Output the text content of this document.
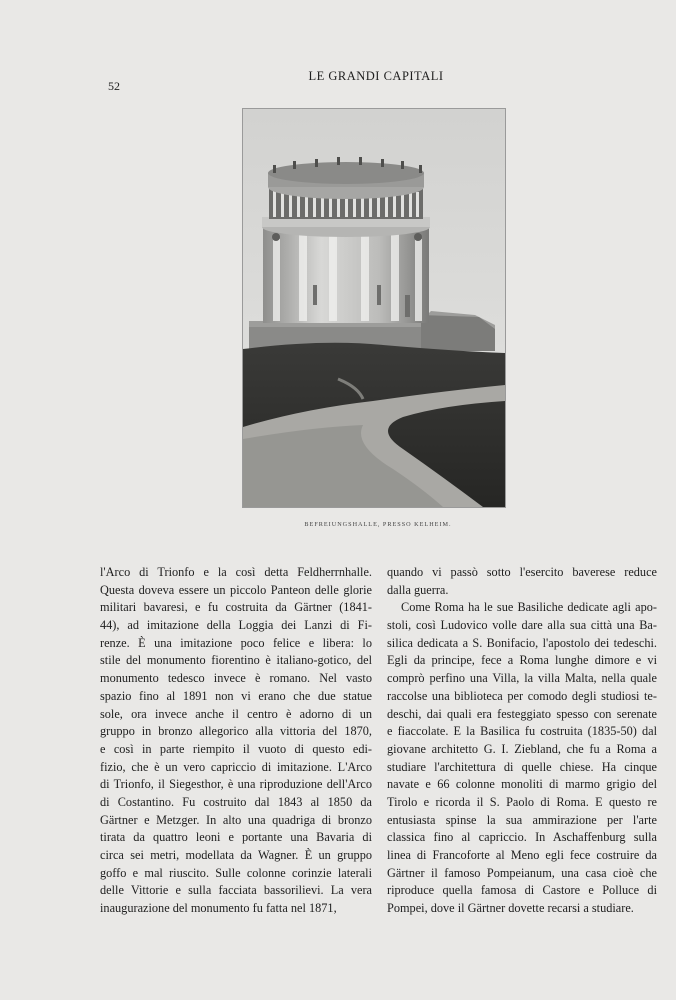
52
LE GRANDI CAPITALI
BEFREIUNGSHALLE, PRESSO KELHEIM.
l'Arco di Trionfo e la così detta Feldherrnhalle.
Questa doveva essere un piccolo Panteon delle glorie
militari bavaresi, e fu costruita da Gärtner (1841-
44), ad imitazione della Loggia dei Lanzi di Fi-
renze. È una imitazione poco felice e libera: lo
stile del monumento fiorentino è italiano-gotico, del
monumento tedesco invece è romano. Nel vasto
spazio fino al 1891 non vi erano che due statue
sole, ora invece anche il centro è adorno di un
gruppo in bronzo allegorico alla vittoria del 1870,
e così in parte riempito il vuoto di questo edi-
fizio, che è un vero capriccio di imitazione. L'Arco
di Trionfo, il Siegesthor, è una riproduzione dell'Arco
di Costantino. Fu costruito dal 1843 al 1850 da
Gärtner e Metzger. In alto una quadriga di bronzo
tirata da quattro leoni e portante una Bavaria di
circa sei metri, modellata da Wagner. È un gruppo
goffo e mal riuscito. Sulle colonne corinzie laterali
delle Vittorie e sulla facciata bassorilievi. La vera
inaugurazione del monumento fu fatta nel 1871,
quando vi passò sotto l'esercito baverese reduce
dalla guerra.
Come Roma ha le sue Basiliche dedicate agli apo-
stoli, così Ludovico volle dare alla sua città una Ba-
silica dedicata a S. Bonifacio, l'apostolo dei tedeschi.
Egli da principe, fece a Roma lunghe dimore e vi
comprò perfino una Villa, la villa Malta, nella quale
raccolse una biblioteca per comodo degli studiosi te-
deschi, dai quali era festeggiato spesso con serenate
e fiaccolate. E la Basilica fu costruita (1835-50) dal
giovane architetto G. I. Ziebland, che fu a Roma a
studiare l'architettura di quelle chiese. Ha cinque
navate e 66 colonne monoliti di marmo grigio del
Tirolo e ricorda il S. Paolo di Roma. E questo re
entusiasta spinse la sua ammirazione per l'arte
classica fino al capriccio. In Aschaffenburg sulla
linea di Francoforte al Meno egli fece costruire da
Gärtner il famoso Pompeianum, una casa cioè che
riproduce quella famosa di Castore e Polluce di
Pompei, dove il Gärtner dovette recarsi a studiare.
